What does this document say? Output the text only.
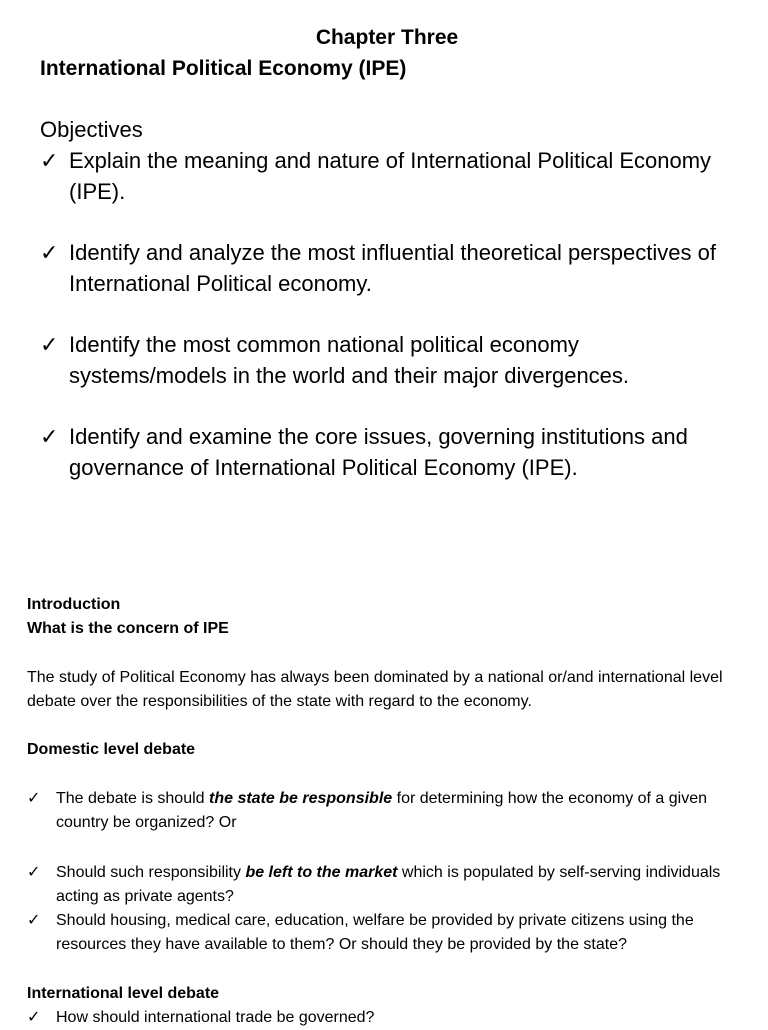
Chapter Three
International Political Economy (IPE)
Objectives
✓ Explain the meaning and nature of International Political Economy (IPE).
✓ Identify and analyze the most influential theoretical perspectives of International Political economy.
✓ Identify the most common national political economy systems/models in the world and their major divergences.
✓ Identify and examine the core issues, governing institutions and governance of International Political Economy (IPE).
Introduction
What is the concern of IPE
The study of Political Economy has always been dominated by a national or/and international level debate over the responsibilities of the state with regard to the economy.
Domestic level debate
✓ The debate is should the state be responsible for determining how the economy of a given country be organized? Or
✓ Should such responsibility be left to the market which is populated by self-serving individuals acting as private agents?
✓ Should housing, medical care, education, welfare be provided by private citizens using the resources they have available to them? Or should they be provided by the state?
International level debate
✓ How should international trade be governed?
